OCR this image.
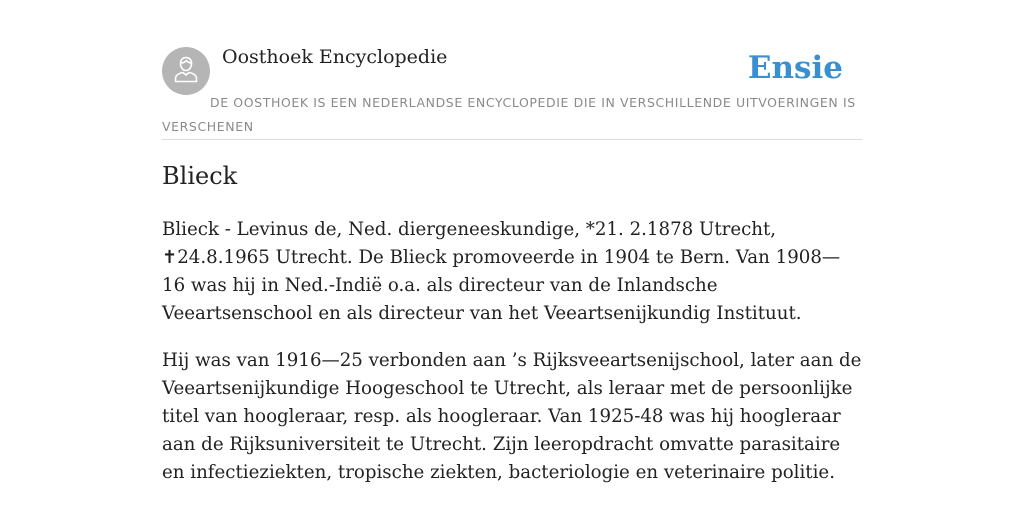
Oosthoek Encyclopedie	Ensie
DE OOSTHOEK IS EEN NEDERLANDSE ENCYCLOPEDIE DIE IN VERSCHILLENDE UITVOERINGEN IS VERSCHENEN
Blieck

Blieck - Levinus de, Ned. diergeneeskundige, *21. 2.1878 Utrecht, ✝24.8.1965 Utrecht. De Blieck promoveerde in 1904 te Bern. Van 1908—16 was hij in Ned.-Indië o.a. als directeur van de Inlandsche Veeartsenschool en als directeur van het Veeartsenijkundig Instituut.

Hij was van 1916—25 verbonden aan ’s Rijksveeartsenijschool, later aan de Veeartsenijkundige Hoogeschool te Utrecht, als leraar met de persoonlijke titel van hoogleraar, resp. als hoogleraar. Van 1925-48 was hij hoogleraar aan de Rijksuniversiteit te Utrecht. Zijn leeropdracht omvatte parasitaire en infectieziekten, tropische ziekten, bacteriologie en veterinaire politie.
